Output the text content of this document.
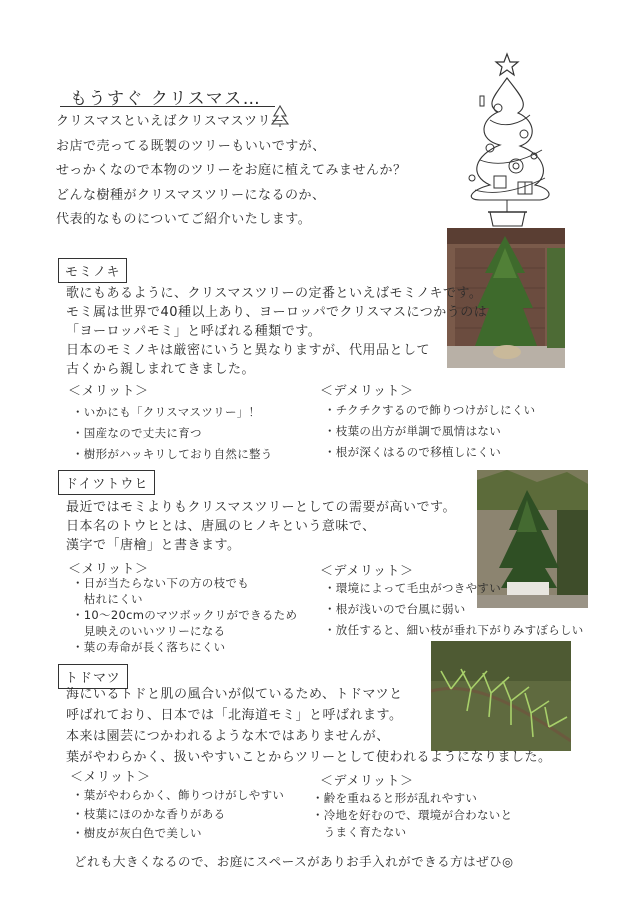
もうすぐ クリスマス…
クリスマスといえばクリスマスツリー
お店で売ってる既製のツリーもいいですが、
せっかくなので本物のツリーをお庭に植えてみませんか？
どんな樹種がクリスマスツリーになるのか、
代表的なものについてご紹介いたします。
モミノキ
歌にもあるように、クリスマスツリーの定番といえばモミノキです。
モミ属は世界で40種以上あり、ヨーロッパでクリスマスにつかうのは
「ヨーロッパモミ」と呼ばれる種類です。
日本のモミノキは厳密にいうと異なりますが、代用品として
古くから親しまれてきました。
＜メリット＞
・いかにも「クリスマスツリー」！
・国産なので丈夫に育つ
・樹形がハッキリしており自然に整う
＜デメリット＞
・チクチクするので飾りつけがしにくい
・枝葉の出方が単調で風情はない
・根が深くはるので移植しにくい
ドイツトウヒ
最近ではモミよりもクリスマスツリーとしての需要が高いです。
日本名のトウヒとは、唐風のヒノキという意味で、
漢字で「唐檜」と書きます。
＜メリット＞
・日が当たらない下の方の枝でも
　枯れにくい
・10〜20cmのマツボックリができるため
　見映えのいいツリーになる
・葉の寿命が長く落ちにくい
＜デメリット＞
・環境によって毛虫がつきやすい
・根が浅いので台風に弱い
・放任すると、細い枝が垂れ下がりみすぼらしい
トドマツ
海にいるトドと肌の風合いが似ているため、トドマツと
呼ばれており、日本では「北海道モミ」と呼ばれます。
本来は園芸につかわれるような木ではありませんが、
葉がやわらかく、扱いやすいことからツリーとして使われるようになりました。
＜メリット＞
・葉がやわらかく、飾りつけがしやすい
・枝葉にほのかな香りがある
・樹皮が灰白色で美しい
＜デメリット＞
・齢を重ねると形が乱れやすい
・冷地を好むので、環境が合わないと
　うまく育たない
どれも大きくなるので、お庭にスペースがありお手入れができる方はぜひ◎
